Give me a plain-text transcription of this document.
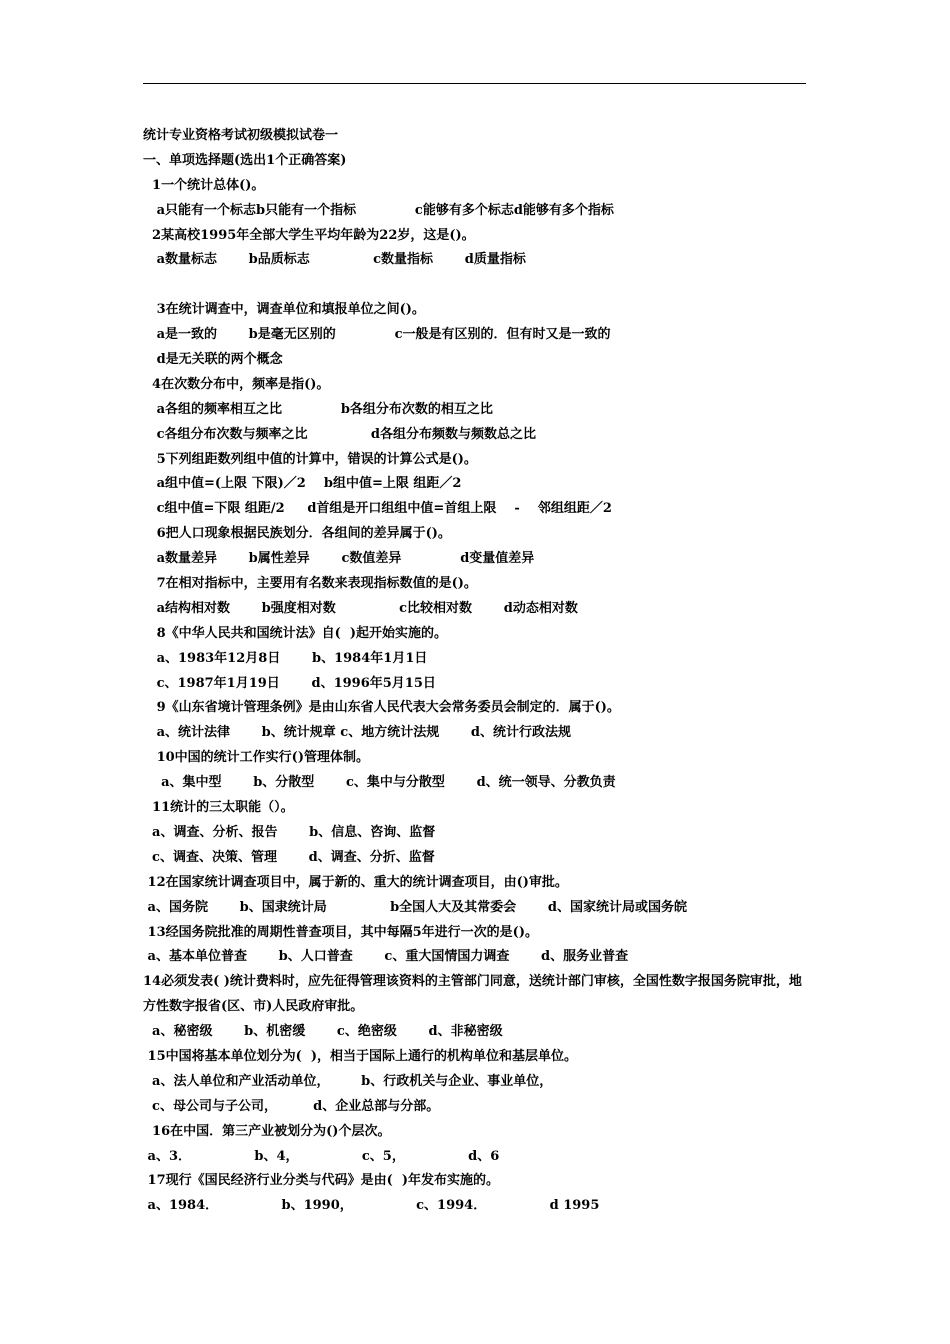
统计专业资格考试初级模拟试卷一
一、单项选择题(选出1个正确答案)
1一个统计总体()。
a只能有一个标志b只能有一个指标             c能够有多个标志d能够有多个指标
2某高校1995年全部大学生平均年龄为22岁，这是()。
a数量标志       b品质标志              c数量指标       d质量指标
3在统计调查中，调查单位和填报单位之间()。
a是一致的       b是毫无区别的             c一般是有区别的．但有时又是一致的
d是无关联的两个概念
4在次数分布中，频率是指()。
a各组的频率相互之比             b各组分布次数的相互之比
c各组分布次数与频率之比              d各组分布频数与频数总之比
5下列组距数列组中值的计算中，错误的计算公式是()。
a组中值=(上限 下限)／2    b组中值=上限 组距／2
c组中值=下限 组距/2     d首组是开口组组中值=首组上限    -    邻组组距／2
6把人口现象根据民族划分．各组间的差异属于()。
a数量差异       b属性差异       c数值差异             d变量值差异
7在相对指标中，主要用有名数来表现指标数值的是()。
a结构相对数       b强度相对数              c比较相对数       d动态相对数
8《中华人民共和国统计法》自(  )起开始实施的。
a、1983年12月8日       b、1984年1月1日
c、1987年1月19日       d、1996年5月15日
9《山东省境计管理条例》是由山东省人民代表大会常务委员会制定的．属于()。
a、统计法律       b、统计规章 c、地方统计法规       d、统计行政法规
10中国的统计工作实行()管理体制。
a、集中型       b、分散型       c、集中与分散型       d、统一领导、分教负责
11统计的三太职能（）。
a、调查、分析、报告       b、信息、咨询、监督
c、调查、决策、管理       d、调查、分折、监督
12在国家统计调查项目中，属于新的、重大的统计调查项目，由()审批。
a、国务院       b、国隶统计局              b全国人大及其常委会       d、国家统计局或国务皖
13经国务院批准的周期性普查项目，其中每隔5年进行一次的是()。
a、基本单位普查       b、人口普查       c、重大国情国力调查       d、服务业普查
14必须发表( )统计费料时，应先征得管理该资料的主管部门同意，送统计部门审核，全国性数字报国务院审批，地方性数字报省(区、市)人民政府审批。
a、秘密级       b、机密缓       c、绝密级       d、非秘密级
15中国将基本单位划分为(  )，相当于国际上通行的机构单位和基层单位。
a、法人单位和产业活动单位，       b、行政机关与企业、事业单位，
c、母公司与子公司，        d、企业总部与分部。
16在中国．第三产业被划分为()个层次。
a、3．              b、4，              c、5，              d、6
17现行《国民经济行业分类与代码》是由(  )年发布实施的。
a、1984．              b、1990，              c、1994．              d 1995
